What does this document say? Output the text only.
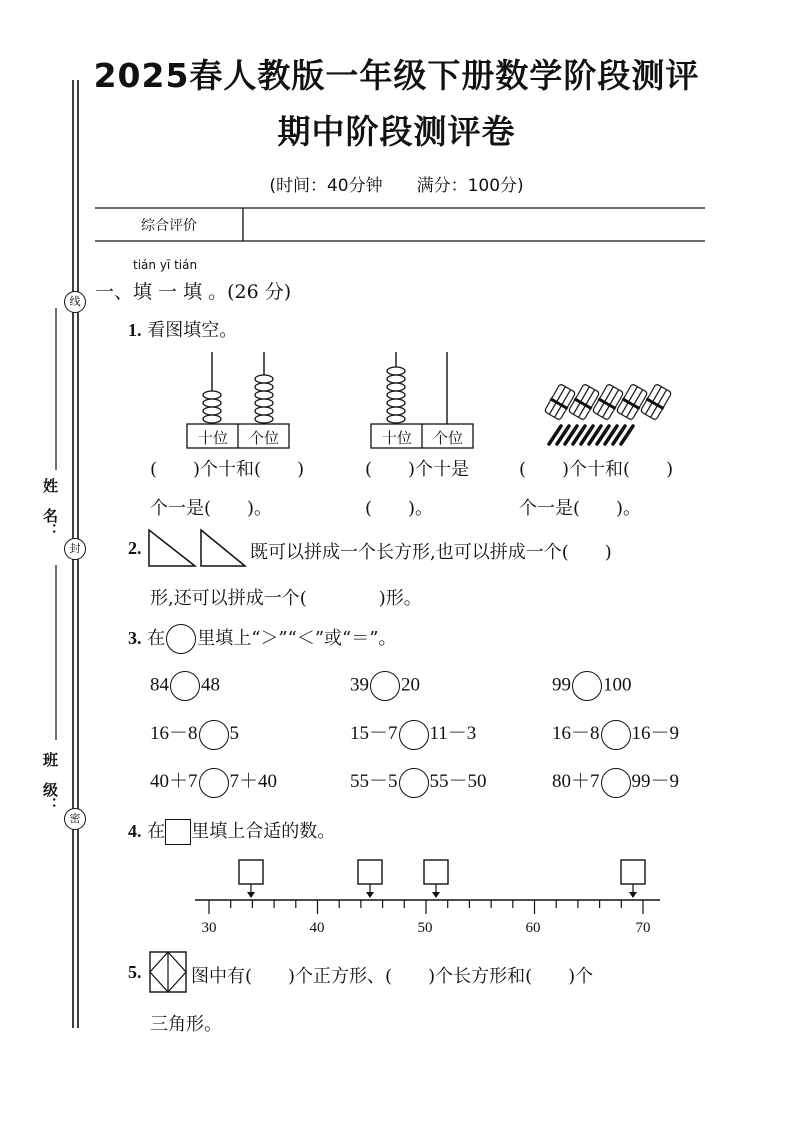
线
封
密
姓　名：
班　级：
2025春人教版一年级下册数学阶段测评
期中阶段测评卷
(时间：40分钟　　满分：100分)
综合评价
tián yī tián
一、填 一 填 。(26 分)
1. 看图填空。
十位	个位	十位	个位
(　　)个十和(　　)
个一是(　　)。
(　　)个十是
(　　)。
(　　)个十和(　　)
个一是(　　)。
2.	既可以拼成一个长方形,也可以拼成一个(　　)
形,还可以拼成一个(　　　　)形。
3. 在 里填上“＞”“＜”或“＝”。
84 48	39 20	99 100
16－8 5	15－7 11－3	16－8 16－9
40＋7 7＋40	55－5 55－50	80＋7 99－9
4. 在 里填上合适的数。
30	40	50	60	70
5.	图中有(　　)个正方形、(　　)个长方形和(　　)个
三角形。
